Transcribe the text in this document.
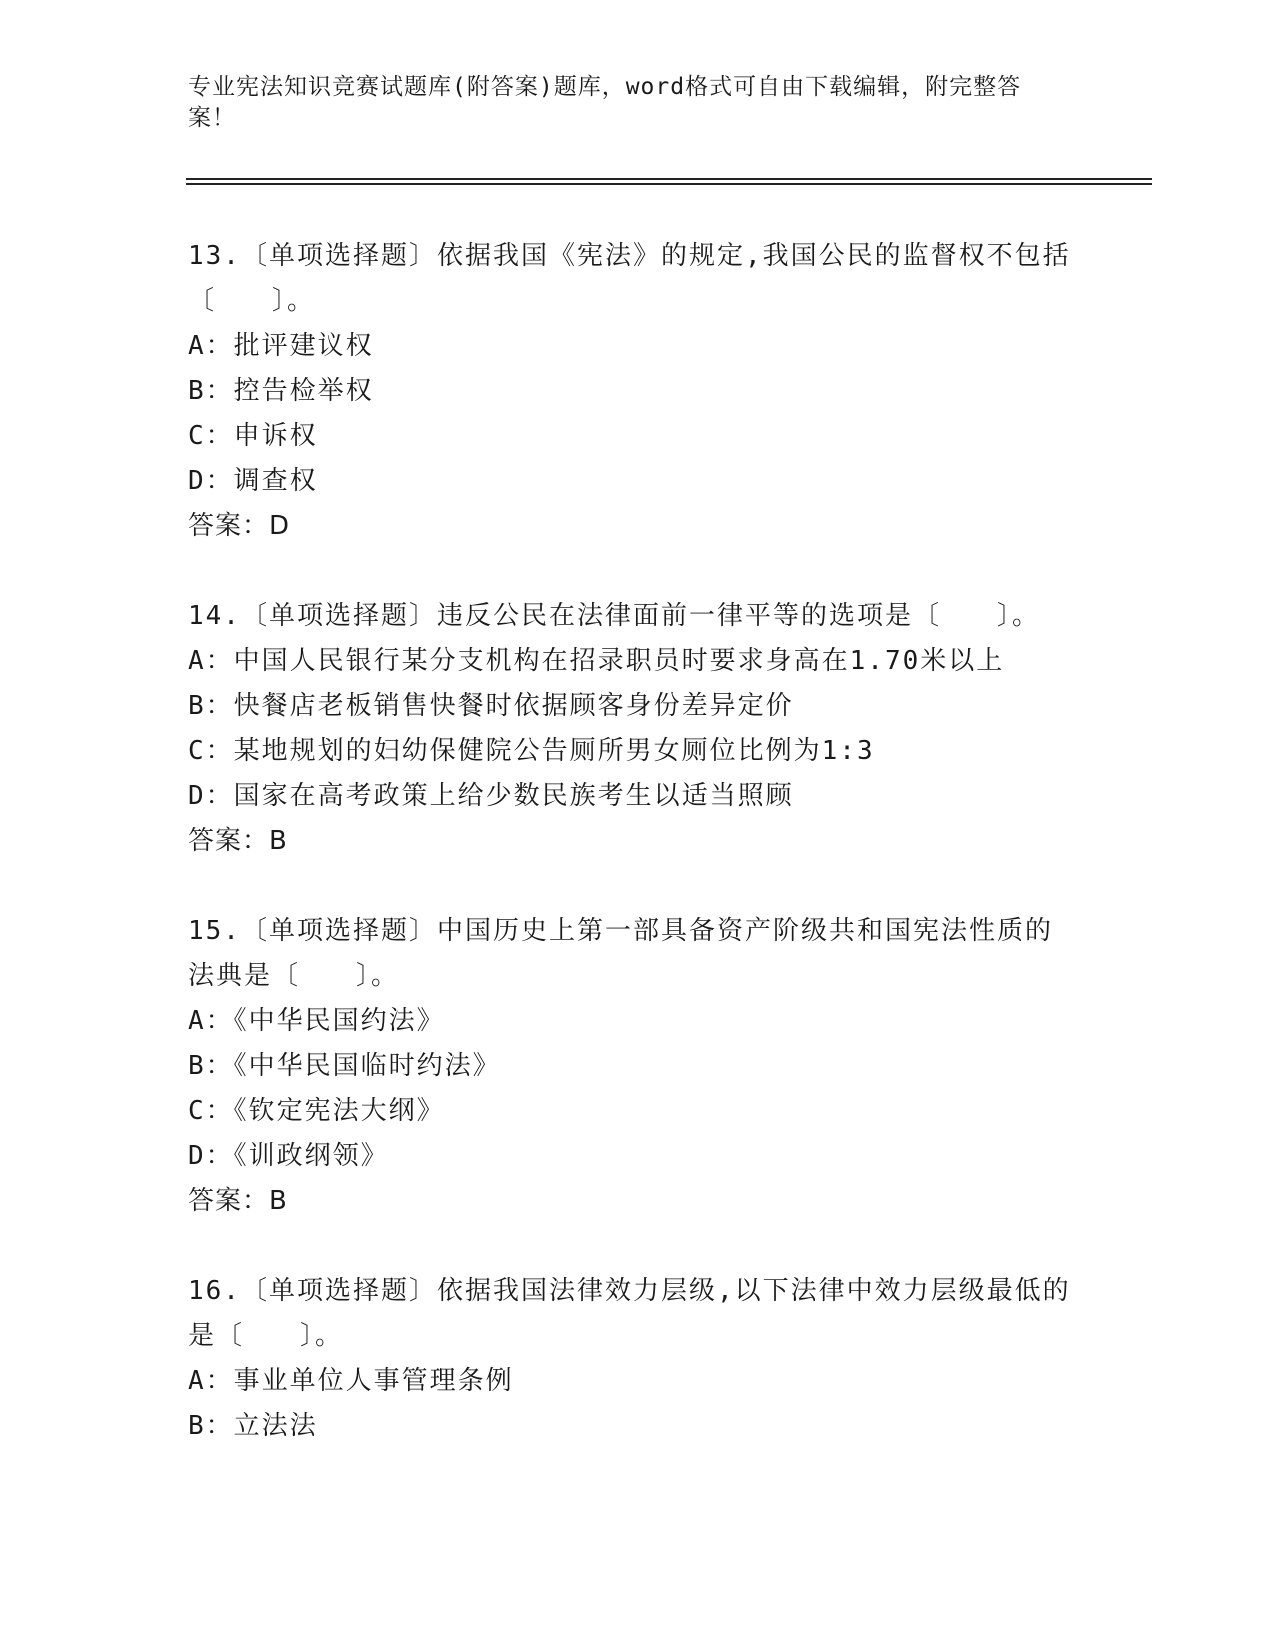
专业宪法知识竞赛试题库(附答案)题库，word格式可自由下载编辑，附完整答案！
13.〔单项选择题〕依据我国《宪法》的规定,我国公民的监督权不包括〔　　〕。
A：批评建议权
B：控告检举权
C：申诉权
D：调查权
答案：D
14.〔单项选择题〕违反公民在法律面前一律平等的选项是〔　　〕。
A：中国人民银行某分支机构在招录职员时要求身高在1.70米以上
B：快餐店老板销售快餐时依据顾客身份差异定价
C：某地规划的妇幼保健院公告厕所男女厕位比例为1:3
D：国家在高考政策上给少数民族考生以适当照顾
答案：B
15.〔单项选择题〕中国历史上第一部具备资产阶级共和国宪法性质的法典是〔　　〕。
A：《中华民国约法》
B：《中华民国临时约法》
C：《钦定宪法大纲》
D：《训政纲领》
答案：B
16.〔单项选择题〕依据我国法律效力层级,以下法律中效力层级最低的是〔　　〕。
A：事业单位人事管理条例
B：立法法
